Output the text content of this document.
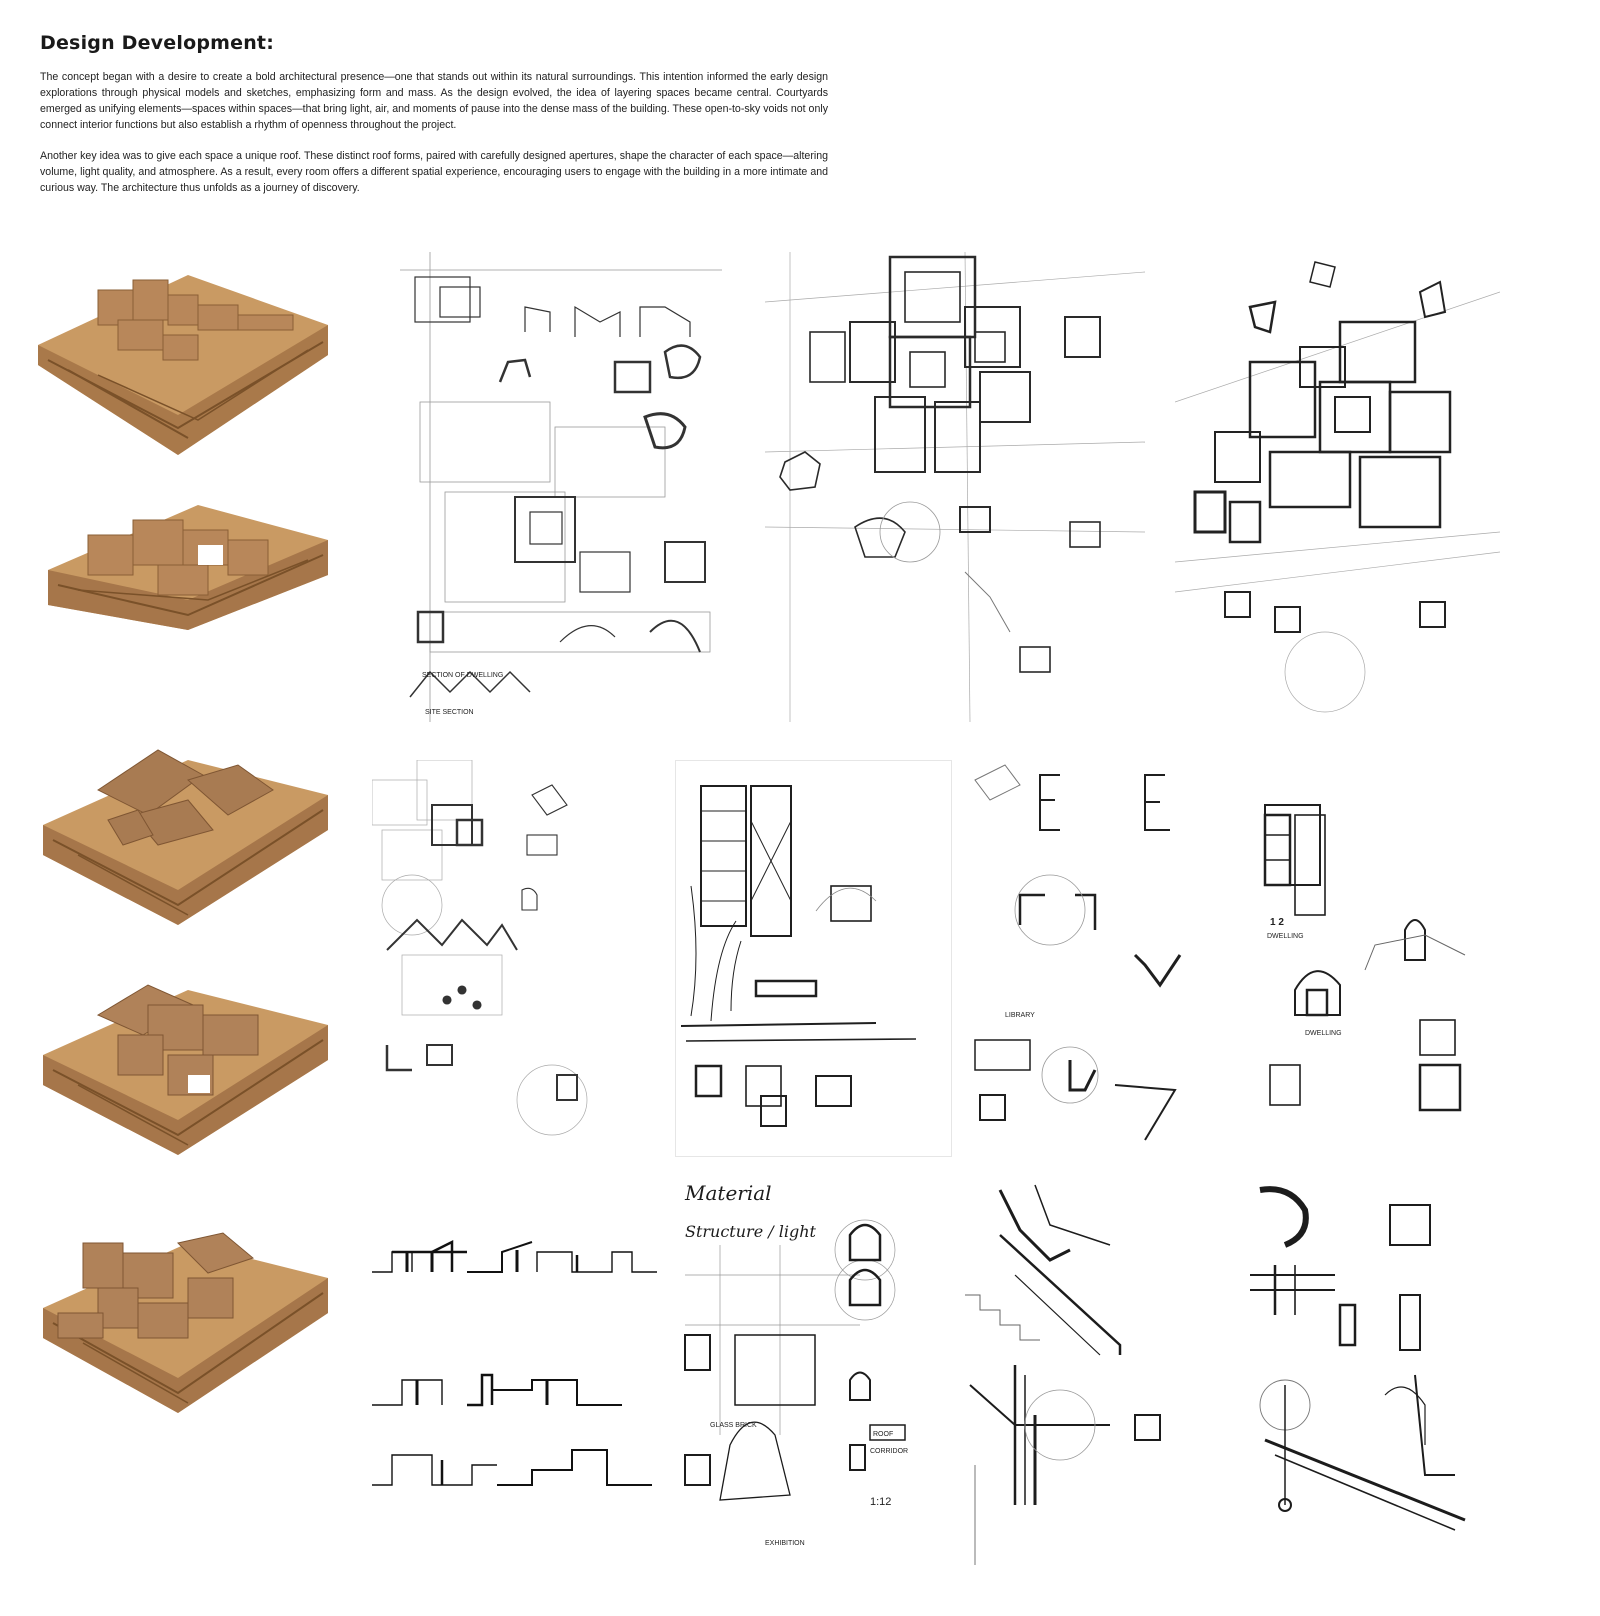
Design Development:

The concept began with a desire to create a bold architectural presence—one that stands out within its natural surroundings. This intention informed the early design explorations through physical models and sketches, emphasizing form and mass. As the design evolved, the idea of layering spaces became central. Courtyards emerged as unifying elements—spaces within spaces—that bring light, air, and moments of pause into the dense mass of the building. These open-to-sky voids not only connect interior functions but also establish a rhythm of openness throughout the project.

Another key idea was to give each space a unique roof. These distinct roof forms, paired with carefully designed apertures, shape the character of each space—altering volume, light quality, and atmosphere. As a result, every room offers a different spatial experience, encouraging users to engage with the building in a more intimate and curious way. The architecture thus unfolds as a journey of discovery.

SECTION OF DWELLING
SITE SECTION
LIBRARY
1 2
DWELLING
DWELLING
Material
Structure / light
GLASS BRICK
ROOF
CORRIDOR
1:12
EXHIBITION
